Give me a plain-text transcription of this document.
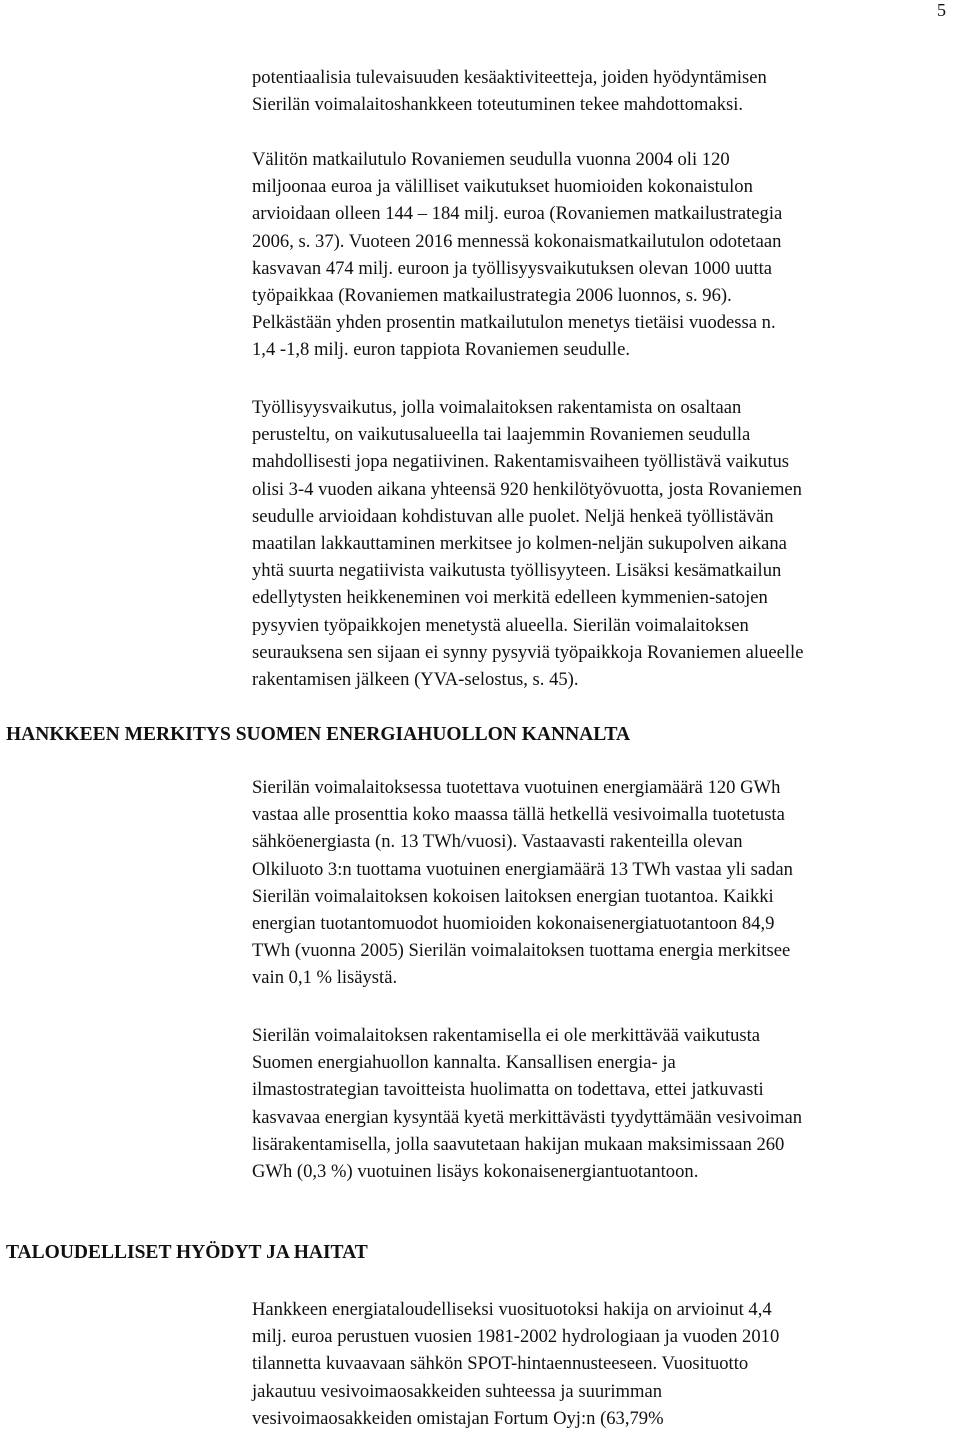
5

potentiaalisia tulevaisuuden kesäaktiviteetteja, joiden hyödyntämisen
Sierilän voimalaitoshankkeen toteutuminen tekee mahdottomaksi.

Välitön matkailutulo Rovaniemen seudulla vuonna 2004 oli 120
miljoonaa euroa ja välilliset vaikutukset huomioiden kokonaistulon
arvioidaan olleen 144 – 184 milj. euroa (Rovaniemen matkailustrategia
2006, s. 37). Vuoteen 2016 mennessä kokonaismatkailutulon odotetaan
kasvavan 474 milj. euroon ja työllisyysvaikutuksen olevan 1000 uutta
työpaikkaa (Rovaniemen matkailustrategia 2006 luonnos, s. 96).
Pelkästään yhden prosentin matkailutulon menetys tietäisi vuodessa n.
1,4 -1,8 milj. euron tappiota Rovaniemen seudulle.

Työllisyysvaikutus, jolla voimalaitoksen rakentamista on osaltaan
perusteltu, on vaikutusalueella tai laajemmin Rovaniemen seudulla
mahdollisesti jopa negatiivinen. Rakentamisvaiheen työllistävä vaikutus
olisi 3-4 vuoden aikana yhteensä 920 henkilötyövuotta, josta Rovaniemen
seudulle arvioidaan kohdistuvan alle puolet. Neljä henkeä työllistävän
maatilan lakkauttaminen merkitsee jo kolmen-neljän sukupolven aikana
yhtä suurta negatiivista vaikutusta työllisyyteen. Lisäksi kesämatkailun
edellytysten heikkeneminen voi merkitä edelleen kymmenien-satojen
pysyvien työpaikkojen menetystä alueella. Sierilän voimalaitoksen
seurauksena sen sijaan ei synny pysyviä työpaikkoja Rovaniemen alueelle
rakentamisen jälkeen (YVA-selostus, s. 45).

HANKKEEN MERKITYS SUOMEN ENERGIAHUOLLON KANNALTA

Sierilän voimalaitoksessa tuotettava vuotuinen energiamäärä 120 GWh
vastaa alle prosenttia koko maassa tällä hetkellä vesivoimalla tuotetusta
sähköenergiasta (n. 13 TWh/vuosi). Vastaavasti rakenteilla olevan
Olkiluoto 3:n tuottama vuotuinen energiamäärä 13 TWh vastaa yli sadan
Sierilän voimalaitoksen kokoisen laitoksen energian tuotantoa. Kaikki
energian tuotantomuodot huomioiden kokonaisenergiatuotantoon 84,9
TWh (vuonna 2005) Sierilän voimalaitoksen tuottama energia merkitsee
vain 0,1 % lisäystä.

Sierilän voimalaitoksen rakentamisella ei ole merkittävää vaikutusta
Suomen energiahuollon kannalta. Kansallisen energia- ja
ilmastostrategian tavoitteista huolimatta on todettava, ettei jatkuvasti
kasvavaa energian kysyntää kyetä merkittävästi tyydyttämään vesivoiman
lisärakentamisella, jolla saavutetaan hakijan mukaan maksimissaan 260
GWh (0,3 %) vuotuinen lisäys kokonaisenergiantuotantoon.

TALOUDELLISET HYÖDYT JA HAITAT

Hankkeen energiataloudelliseksi vuosituotoksi hakija on arvioinut 4,4
milj. euroa perustuen vuosien 1981-2002 hydrologiaan ja vuoden 2010
tilannetta kuvaavaan sähkön SPOT-hintaennusteeseen. Vuosituotto
jakautuu vesivoimaosakkeiden suhteessa ja suurimman
vesivoimaosakkeiden omistajan Fortum Oyj:n (63,79%
